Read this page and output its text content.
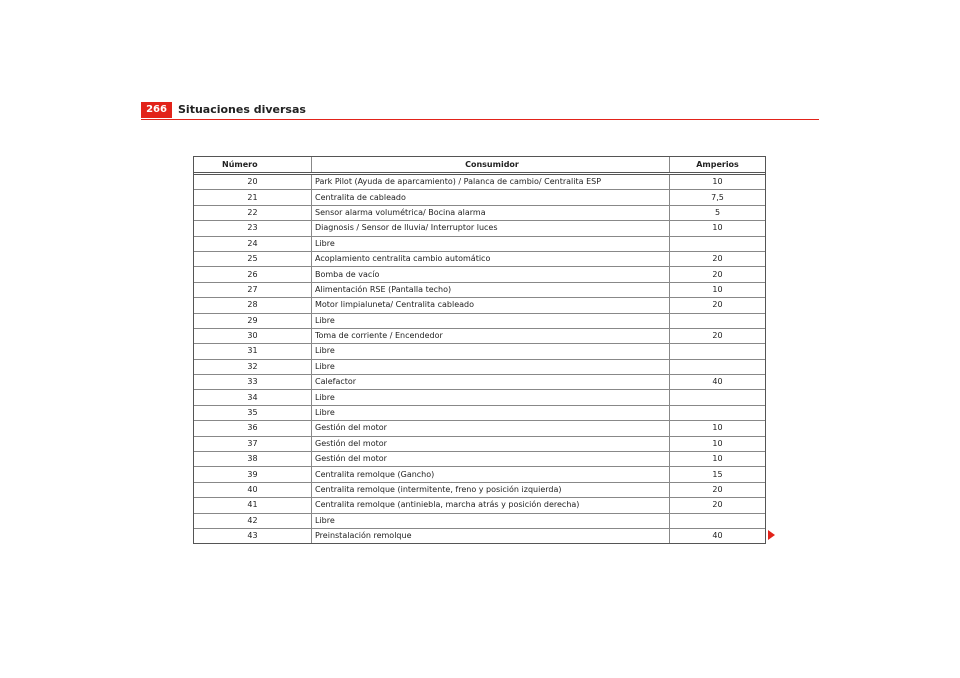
266	Situaciones diversas
Número	Consumidor	Amperios
20	Park Pilot (Ayuda de aparcamiento) / Palanca de cambio/ Centralita ESP	10
21	Centralita de cableado	7,5
22	Sensor alarma volumétrica/ Bocina alarma	5
23	Diagnosis / Sensor de lluvia/ Interruptor luces	10
24	Libre	
25	Acoplamiento centralita cambio automático	20
26	Bomba de vacío	20
27	Alimentación RSE (Pantalla techo)	10
28	Motor limpialuneta/ Centralita cableado	20
29	Libre	
30	Toma de corriente / Encendedor	20
31	Libre	
32	Libre	
33	Calefactor	40
34	Libre	
35	Libre	
36	Gestión del motor	10
37	Gestión del motor	10
38	Gestión del motor	10
39	Centralita remolque (Gancho)	15
40	Centralita remolque (intermitente, freno y posición izquierda)	20
41	Centralita remolque (antiniebla, marcha atrás y posición derecha)	20
42	Libre	
43	Preinstalación remolque	40
